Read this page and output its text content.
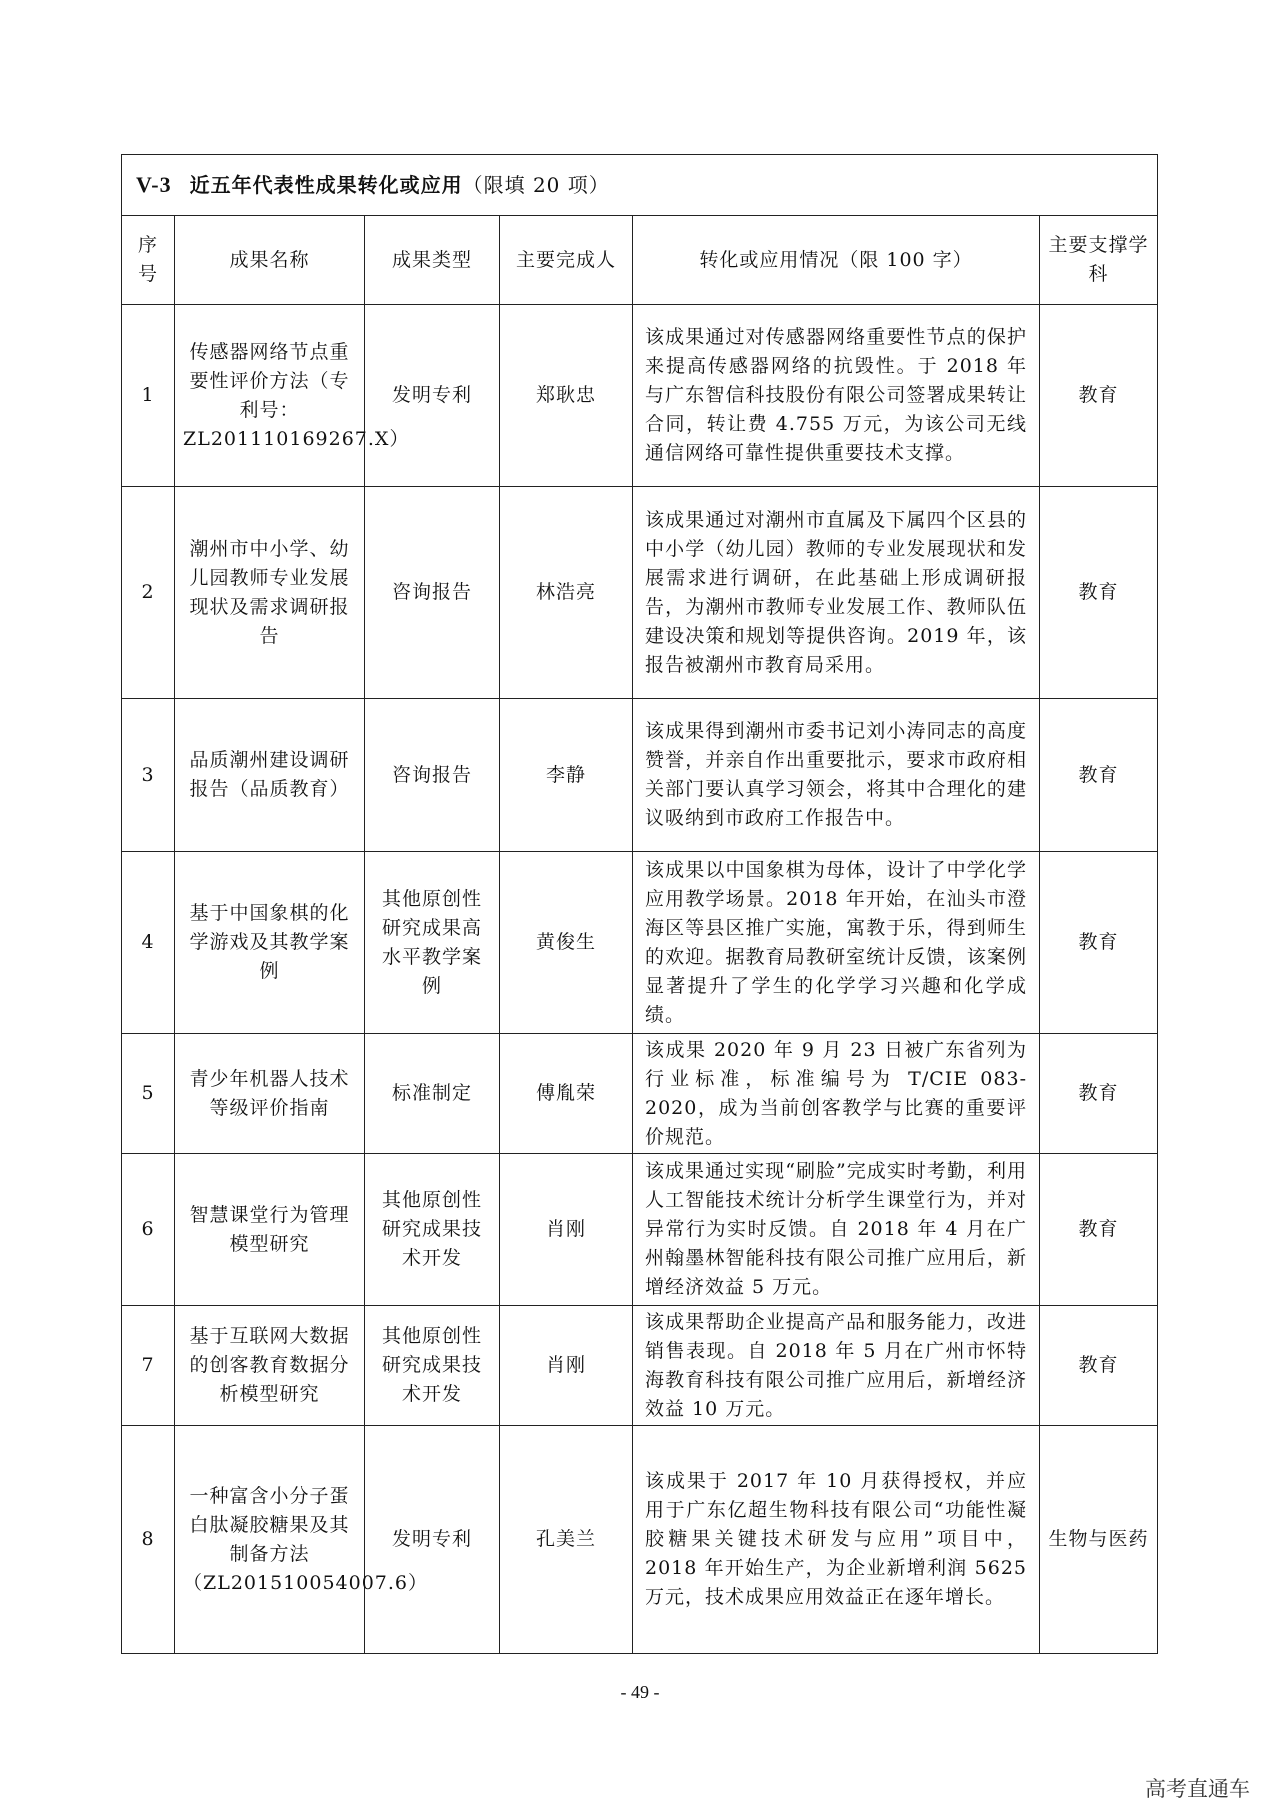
V-3 近五年代表性成果转化或应用（限填 20 项）					
序号	成果名称	成果类型	主要完成人	转化或应用情况（限 100 字）	主要支撑学科
1	传感器网络节点重要性评价方法（专利号：ZL201110169267.X）	发明专利	郑耿忠	该成果通过对传感器网络重要性节点的保护来提高传感器网络的抗毁性。于 2018 年与广东智信科技股份有限公司签署成果转让合同，转让费 4.755 万元，为该公司无线通信网络可靠性提供重要技术支撑。	教育
2	潮州市中小学、幼儿园教师专业发展现状及需求调研报告	咨询报告	林浩亮	该成果通过对潮州市直属及下属四个区县的中小学（幼儿园）教师的专业发展现状和发展需求进行调研，在此基础上形成调研报告，为潮州市教师专业发展工作、教师队伍建设决策和规划等提供咨询。2019 年，该报告被潮州市教育局采用。	教育
3	品质潮州建设调研报告（品质教育）	咨询报告	李静	该成果得到潮州市委书记刘小涛同志的高度赞誉，并亲自作出重要批示，要求市政府相关部门要认真学习领会，将其中合理化的建议吸纳到市政府工作报告中。	教育
4	基于中国象棋的化学游戏及其教学案例	其他原创性研究成果高水平教学案例	黄俊生	该成果以中国象棋为母体，设计了中学化学应用教学场景。2018 年开始，在汕头市澄海区等县区推广实施，寓教于乐，得到师生的欢迎。据教育局教研室统计反馈，该案例显著提升了学生的化学学习兴趣和化学成绩。	教育
5	青少年机器人技术等级评价指南	标准制定	傅胤荣	该成果 2020 年 9 月 23 日被广东省列为行业标准，标准编号为 T/CIE 083-2020，成为当前创客教学与比赛的重要评价规范。	教育
6	智慧课堂行为管理模型研究	其他原创性研究成果技术开发	肖刚	该成果通过实现“刷脸”完成实时考勤，利用人工智能技术统计分析学生课堂行为，并对异常行为实时反馈。自 2018 年 4 月在广州翰墨林智能科技有限公司推广应用后，新增经济效益 5 万元。	教育
7	基于互联网大数据的创客教育数据分析模型研究	其他原创性研究成果技术开发	肖刚	该成果帮助企业提高产品和服务能力，改进销售表现。自 2018 年 5 月在广州市怀特海教育科技有限公司推广应用后，新增经济效益 10 万元。	教育
8	一种富含小分子蛋白肽凝胶糖果及其制备方法（ZL201510054007.6）	发明专利	孔美兰	该成果于 2017 年 10 月获得授权，并应用于广东亿超生物科技有限公司“功能性凝胶糖果关键技术研发与应用”项目中，2018 年开始生产，为企业新增利润 5625 万元，技术成果应用效益正在逐年增长。	生物与医药
- 49 -
高考直通车
